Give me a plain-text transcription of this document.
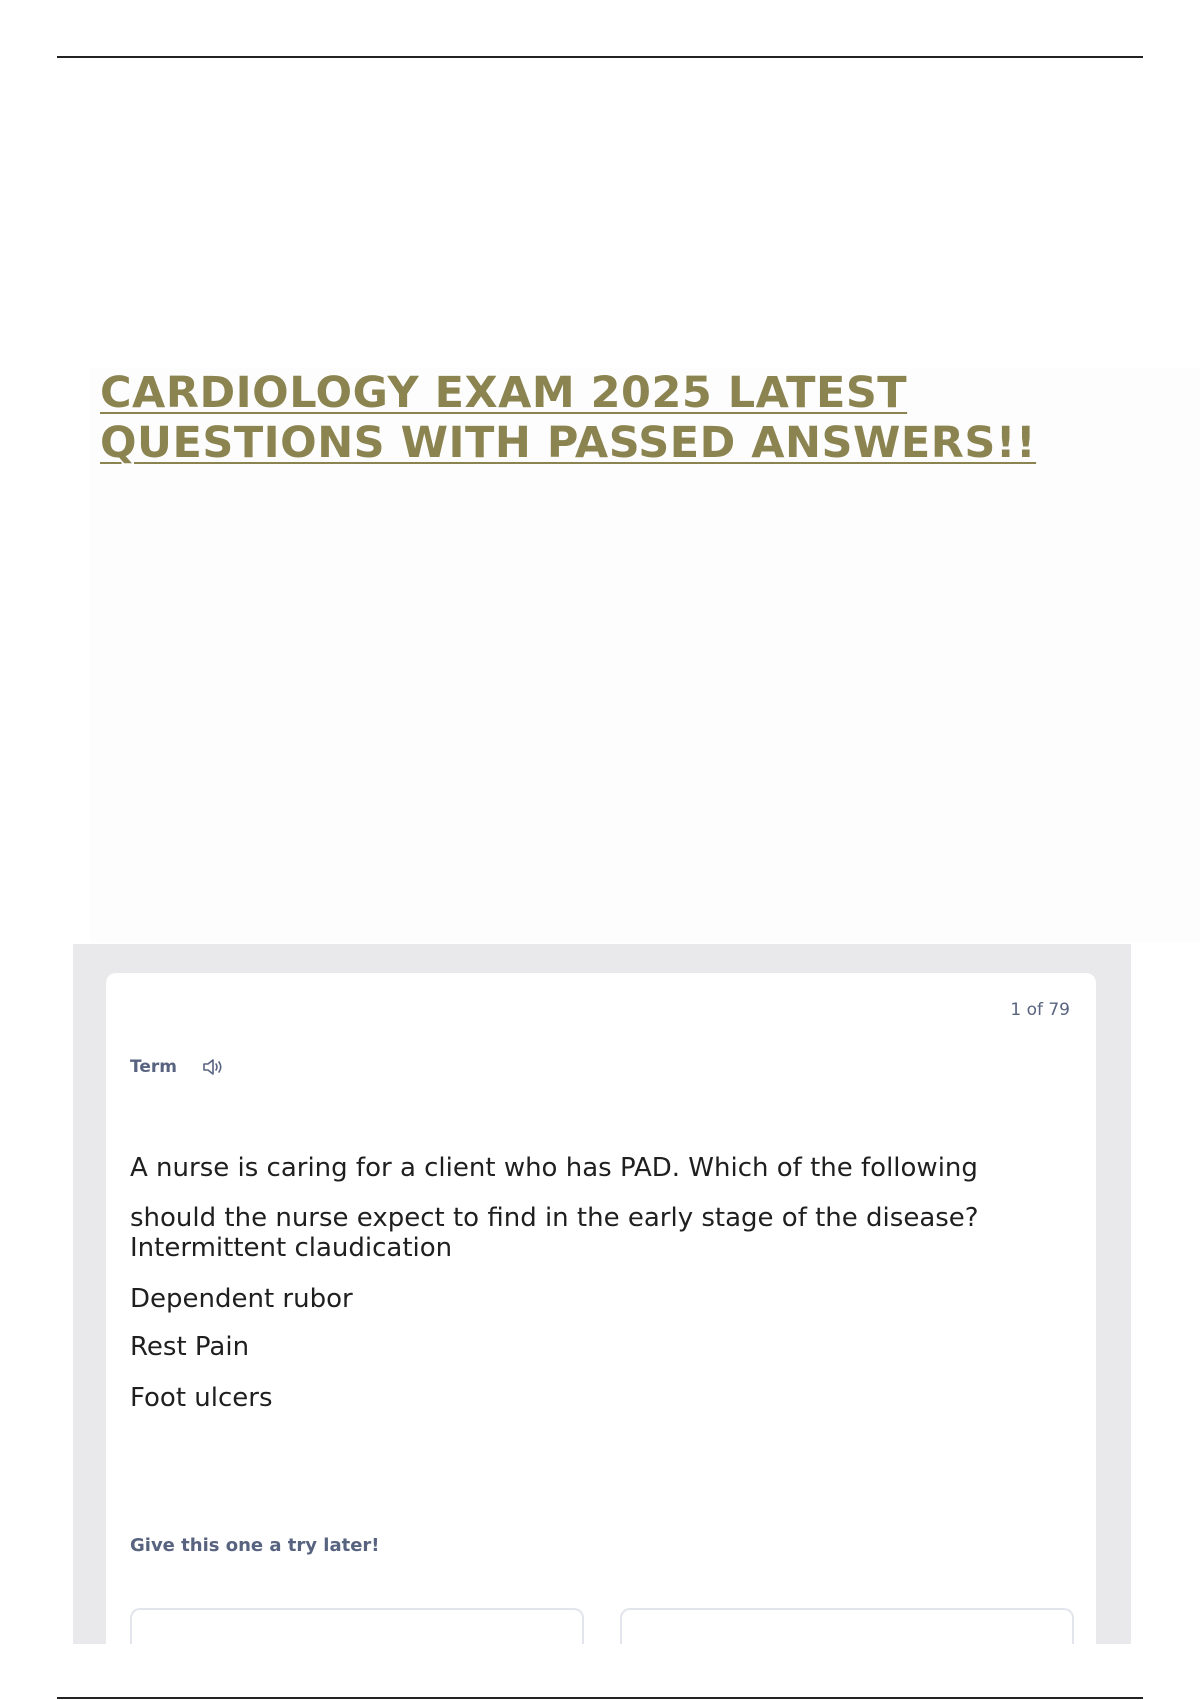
CARDIOLOGY EXAM 2025 LATEST
QUESTIONS WITH PASSED ANSWERS!!
1 of 79
Term

A nurse is caring for a client who has PAD. Which of the following should the nurse expect to find in the early stage of the disease?

Intermittent claudication
Dependent rubor
Rest Pain
Foot ulcers
Give this one a try later!
